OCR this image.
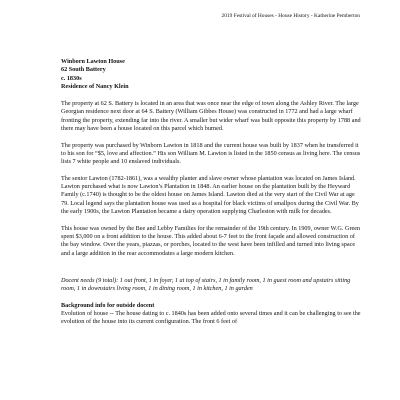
2019 Festival of Houses - House History - Katherine Pemberton
Winborn Lawton House
62 South Battery
c. 1830s
Residence of Nancy Klein

The property at 62 S. Battery is located in an area that was once near the edge of town along the Ashley River. The large Georgian residence next door at 64 S. Battery (William Gibbes House) was constructed in 1772 and had a large wharf fronting the property, extending far into the river. A smaller but wider wharf was built opposite this property by 1788 and there may have been a house located on this parcel which burned.

The property was purchased by Winborn Lawton in 1818 and the current house was built by 1837 when he transferred it to his son for “$5, love and affection.” His son William M. Lawton is listed in the 1850 census as living here. The census lists 7 white people and 10 enslaved individuals.

The senior Lawton (1782-1861), was a wealthy planter and slave owner whose plantation was located on James Island. Lawton purchased what is now Lawton’s Plantation in 1848. An earlier house on the plantation built by the Heyward Family (c.1740) is thought to be the oldest house on James Island. Lawton died at the very start of the Civil War at age 79. Local legend says the plantation house was used as a hospital for black victims of smallpox during the Civil War. By the early 1900s, the Lawton Plantation became a dairy operation supplying Charleston with milk for decades.

This house was owned by the Bee and Lebby Families for the remainder of the 19th century. In 1909, owner W.G. Green spent $3,000 on a front addition to the house. This added about 6-7 feet to the front façade and allowed construction of the bay window. Over the years, piazzas, or porches, located to the west have been infilled and turned into living space and a large addition in the rear accommodates a large modern kitchen.

Docent needs (9 total): 1 out front, 1 in foyer, 1 at top of stairs, 1 in family room, 1 in guest room and upstairs sitting room, 1 in downstairs living room, 1 in dining room, 1 in kitchen, 1 in garden

Background info for outside docent

Evolution of house -- The house dating to c. 1840s has been added onto several times and it can be challenging to see the evolution of the house into its current configuration. The front 6 feet of
